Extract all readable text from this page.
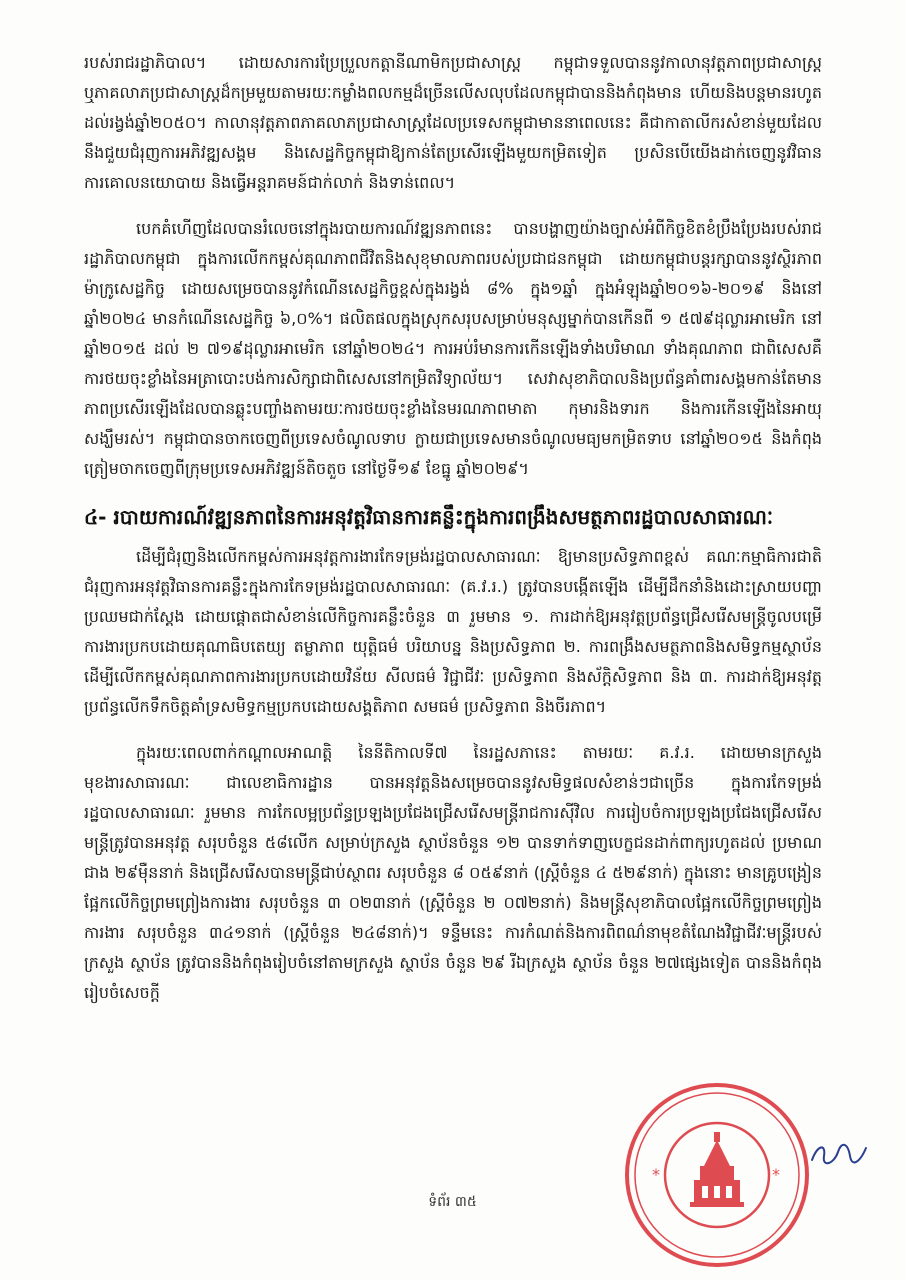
របស់រាជរដ្ឋាភិបាល។ ដោយសារការប្រែប្រួលកត្តានីណាមិកប្រជាសាស្ត្រ កម្ពុជាទទួលបាននូវកាលានុវត្តភាពប្រជាសាស្ត្រ ឬភាគលាភប្រជាសាស្ត្រដ៏កម្រមួយតាមរយៈកម្លាំងពលកម្មដ៏ច្រើនលើសលុបដែលកម្ពុជាបាននិងកំពុងមាន ហើយនិងបន្តមានរហូតដល់រង្វង់ឆ្នាំ២០៥០។ កាលានុវត្តភាពភាគលាភប្រជាសាស្ត្រដែលប្រទេសកម្ពុជាមាននាពេលនេះ គឺជាកាតាលីករសំខាន់មួយដែលនឹងជួយជំរុញការអភិវឌ្ឍសង្គម និងសេដ្ឋកិច្ចកម្ពុជាឱ្យកាន់តែប្រសើរឡើងមួយកម្រិតទៀត ប្រសិនបើយើងដាក់ចេញនូវវិធានការគោលនយោបាយ និងធ្វើអន្តរាគមន៍ជាក់លាក់ និងទាន់ពេល។

បេកគំហើញដែលបានរំលេចនៅក្នុងរបាយការណ៍វឌ្ឍនភាពនេះ បានបង្ហាញយ៉ាងច្បាស់អំពីកិច្ចខិតខំប្រឹងប្រែងរបស់រាជរដ្ឋាភិបាលកម្ពុជា ក្នុងការលើកកម្ពស់គុណភាពជីវិតនិងសុខុមាលភាពរបស់ប្រជាជនកម្ពុជា ដោយកម្ពុជាបន្តរក្សាបាននូវស្ថិរភាពម៉ាក្រូសេដ្ឋកិច្ច ដោយសម្រេចបាននូវកំណើនសេដ្ឋកិច្ចខ្ពស់ក្នុងរង្វង់ ៨% ក្នុង១ឆ្នាំ ក្នុងអំឡុងឆ្នាំ២០១៦-២០១៩ និងនៅឆ្នាំ២០២៤ មានកំណើនសេដ្ឋកិច្ច ៦,០%។ ផលិតផលក្នុងស្រុកសរុបសម្រាប់មនុស្សម្នាក់បានកើនពី ១ ៥៧៩ដុល្លារអាមេរិក នៅឆ្នាំ២០១៥ ដល់ ២ ៧១៩ដុល្លារអាមេរិក នៅឆ្នាំ២០២៤។ ការអប់រំមានការកើនឡើងទាំងបរិមាណ ទាំងគុណភាព ជាពិសេសគឺការថយចុះខ្លាំងនៃអត្រាបោះបង់ការសិក្សាជាពិសេសនៅកម្រិតវិទ្យាល័យ។ សេវាសុខាភិបាលនិងប្រព័ន្ធគាំពារសង្គមកាន់តែមានភាពប្រសើរឡើងដែលបានឆ្លុះបញ្ចាំងតាមរយៈការថយចុះខ្លាំងនៃមរណភាពមាតា កុមារនិងទារក និងការកើនឡើងនៃអាយុសង្ឃឹមរស់។ កម្ពុជាបានចាកចេញពីប្រទេសចំណូលទាប ក្លាយជាប្រទេសមានចំណូលមធ្យមកម្រិតទាប នៅឆ្នាំ២០១៥ និងកំពុងត្រៀមចាកចេញពីក្រុមប្រទេសអភិវឌ្ឍន៍តិចតួច នៅថ្ងៃទី១៩ ខែធ្នូ ឆ្នាំ២០២៩។

៤- របាយការណ៍វឌ្ឍនភាពនៃការអនុវត្តវិធានការគន្លឹះក្នុងការពង្រឹងសមត្ថភាពរដ្ឋបាលសាធារណៈ

ដើម្បីជំរុញនិងលើកកម្ពស់ការអនុវត្តការងារកែទម្រង់រដ្ឋបាលសាធារណៈ ឱ្យមានប្រសិទ្ធភាពខ្ពស់ គណៈកម្មាធិការជាតិជំរុញការអនុវត្តវិធានការគន្លឹះក្នុងការកែទម្រង់រដ្ឋបាលសាធារណៈ (គ.វ.រ.) ត្រូវបានបង្កើតឡើង ដើម្បីដឹកនាំនិងដោះស្រាយបញ្ហាប្រឈមជាក់ស្តែង ដោយផ្តោតជាសំខាន់លើកិច្ចការគន្លឹះចំនួន ៣ រួមមាន ១. ការដាក់ឱ្យអនុវត្តប្រព័ន្ធជ្រើសរើសមន្ត្រីចូលបម្រើការងារប្រកបដោយគុណាធិបតេយ្យ តម្លាភាព យុត្តិធម៌ បរិយាបន្ន និងប្រសិទ្ធភាព ២. ការពង្រឹងសមត្ថភាពនិងសមិទ្ធកម្មស្ថាប័ន ដើម្បីលើកកម្ពស់គុណភាពការងារប្រកបដោយវិន័យ សីលធម៌ វិជ្ជាជីវៈ ប្រសិទ្ធភាព និងស័ក្តិសិទ្ធភាព និង ៣. ការដាក់ឱ្យអនុវត្តប្រព័ន្ធលើកទឹកចិត្តគាំទ្រសមិទ្ធកម្មប្រកបដោយសង្គតិភាព សមធម៌ ប្រសិទ្ធភាព និងចីរភាព។

ក្នុងរយៈពេលពាក់កណ្តាលអាណត្តិ នៃនីតិកាលទី៧ នៃរដ្ឋសភានេះ តាមរយៈ គ.វ.រ. ដោយមានក្រសួងមុខងារសាធារណៈ ជាលេខាធិការដ្ឋាន បានអនុវត្តនិងសម្រេចបាននូវសមិទ្ធផលសំខាន់ៗជាច្រើន ក្នុងការកែទម្រង់រដ្ឋបាលសាធារណៈ រួមមាន ការកែលម្អប្រព័ន្ធប្រឡងប្រជែងជ្រើសរើសមន្ត្រីរាជការស៊ីវិល ការរៀបចំការប្រឡងប្រជែងជ្រើសរើសមន្ត្រីត្រូវបានអនុវត្ត សរុបចំនួន ៥៨លើក សម្រាប់ក្រសួង ស្ថាប័នចំនួន ១២ បានទាក់ទាញបេក្ខជនដាក់ពាក្យរហូតដល់ ប្រមាណជាង ២៩ម៉ឺននាក់ និងជ្រើសរើសបានមន្ត្រីជាប់ស្ថាពរ សរុបចំនួន ៨ ០៥៩នាក់ (ស្ត្រីចំនួន ៤ ៥២៩នាក់) ក្នុងនោះ មានគ្រូបង្រៀនផ្អែកលើកិច្ចព្រមព្រៀងការងារ សរុបចំនួន ៣ ០២៣នាក់ (ស្ត្រីចំនួន ២ ០៧២នាក់) និងមន្ត្រីសុខាភិបាលផ្អែកលើកិច្ចព្រមព្រៀងការងារ សរុបចំនួន ៣៤១នាក់ (ស្ត្រីចំនួន ២៤៨នាក់)។ ទន្ទឹមនេះ ការកំណត់និងការពិពណ៌នាមុខតំណែងវិជ្ជាជីវៈមន្ត្រីរបស់ក្រសួង ស្ថាប័ន ត្រូវបាននិងកំពុងរៀបចំនៅតាមក្រសួង ស្ថាប័ន ចំនួន ២៩ រីឯក្រសួង ស្ថាប័ន ចំនួន ២៧ផ្សេងទៀត បាននិងកំពុងរៀបចំសេចក្តី

*	*
ទំព័រ ៣៥
